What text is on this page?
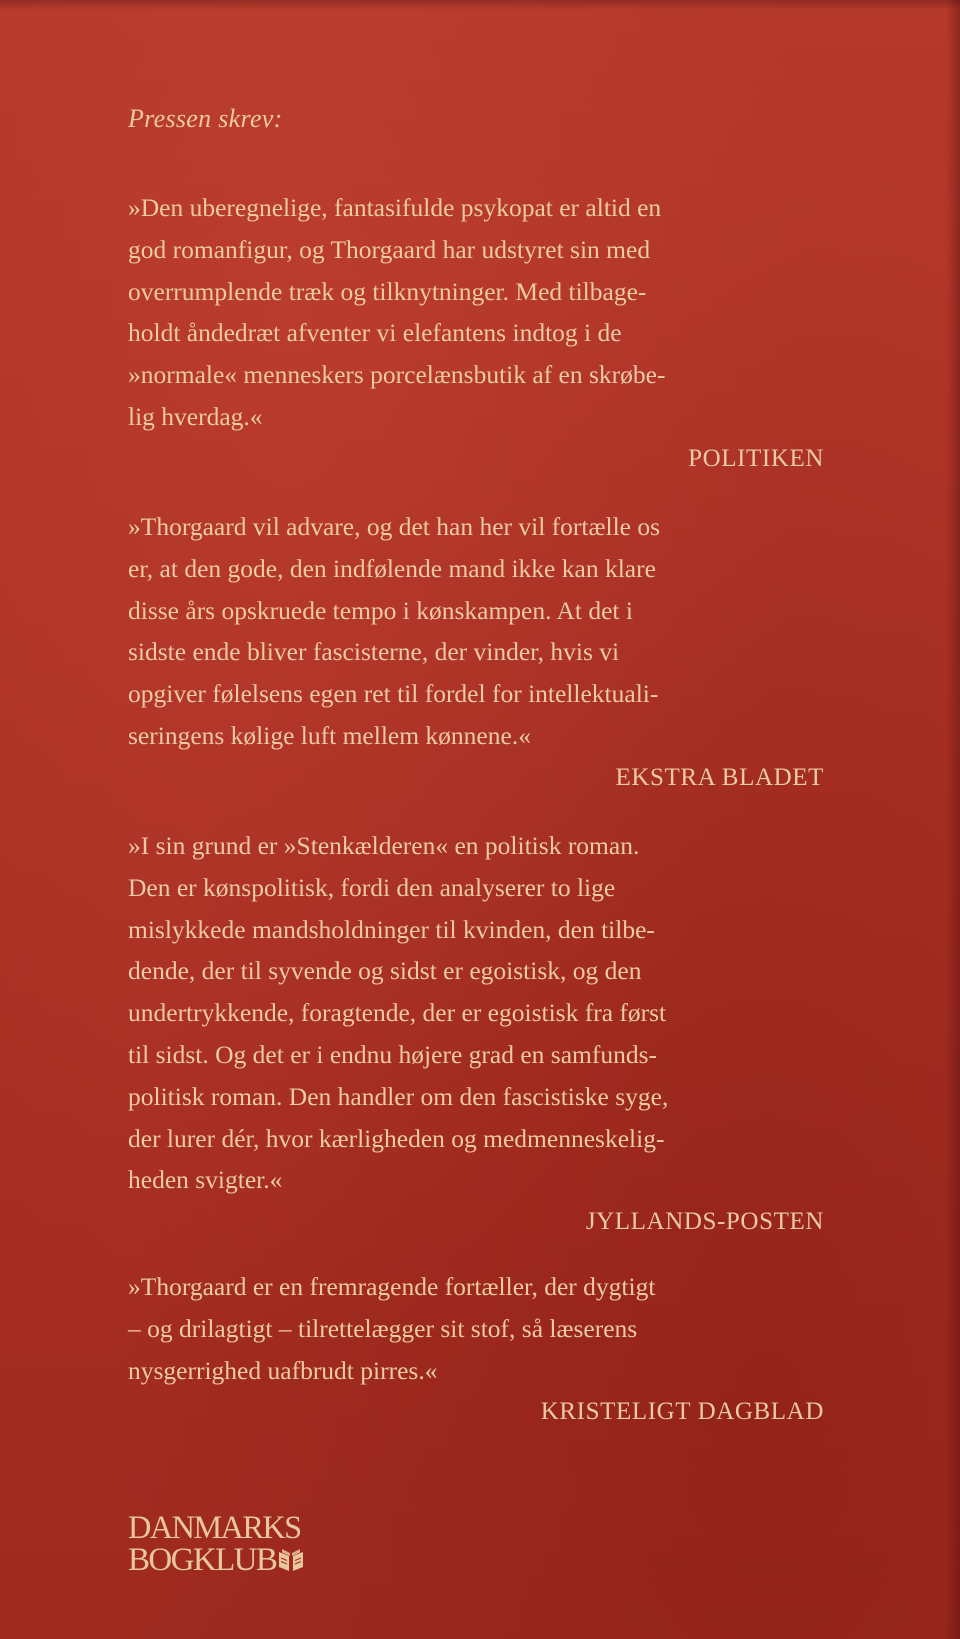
Pressen skrev:

»Den uberegnelige, fantasifulde psykopat er altid en
god romanfigur, og Thorgaard har udstyret sin med
overrumplende træk og tilknytninger. Med tilbage-
holdt åndedræt afventer vi elefantens indtog i de
»normale« menneskers porcelænsbutik af en skrøbe-
lig hverdag.«

POLITIKEN

»Thorgaard vil advare, og det han her vil fortælle os
er, at den gode, den indfølende mand ikke kan klare
disse års opskruede tempo i kønskampen. At det i
sidste ende bliver fascisterne, der vinder, hvis vi
opgiver følelsens egen ret til fordel for intellektuali-
seringens kølige luft mellem kønnene.«

EKSTRA BLADET

»I sin grund er »Stenkælderen« en politisk roman.
Den er kønspolitisk, fordi den analyserer to lige
mislykkede mandsholdninger til kvinden, den tilbe-
dende, der til syvende og sidst er egoistisk, og den
undertrykkende, foragtende, der er egoistisk fra først
til sidst. Og det er i endnu højere grad en samfunds-
politisk roman. Den handler om den fascistiske syge,
der lurer dér, hvor kærligheden og medmenneskelig-
heden svigter.«

JYLLANDS-POSTEN

»Thorgaard er en fremragende fortæller, der dygtigt
– og drilagtigt – tilrettelægger sit stof, så læserens
nysgerrighed uafbrudt pirres.«

KRISTELIGT DAGBLAD

DANMARKS
BOGKLUB
